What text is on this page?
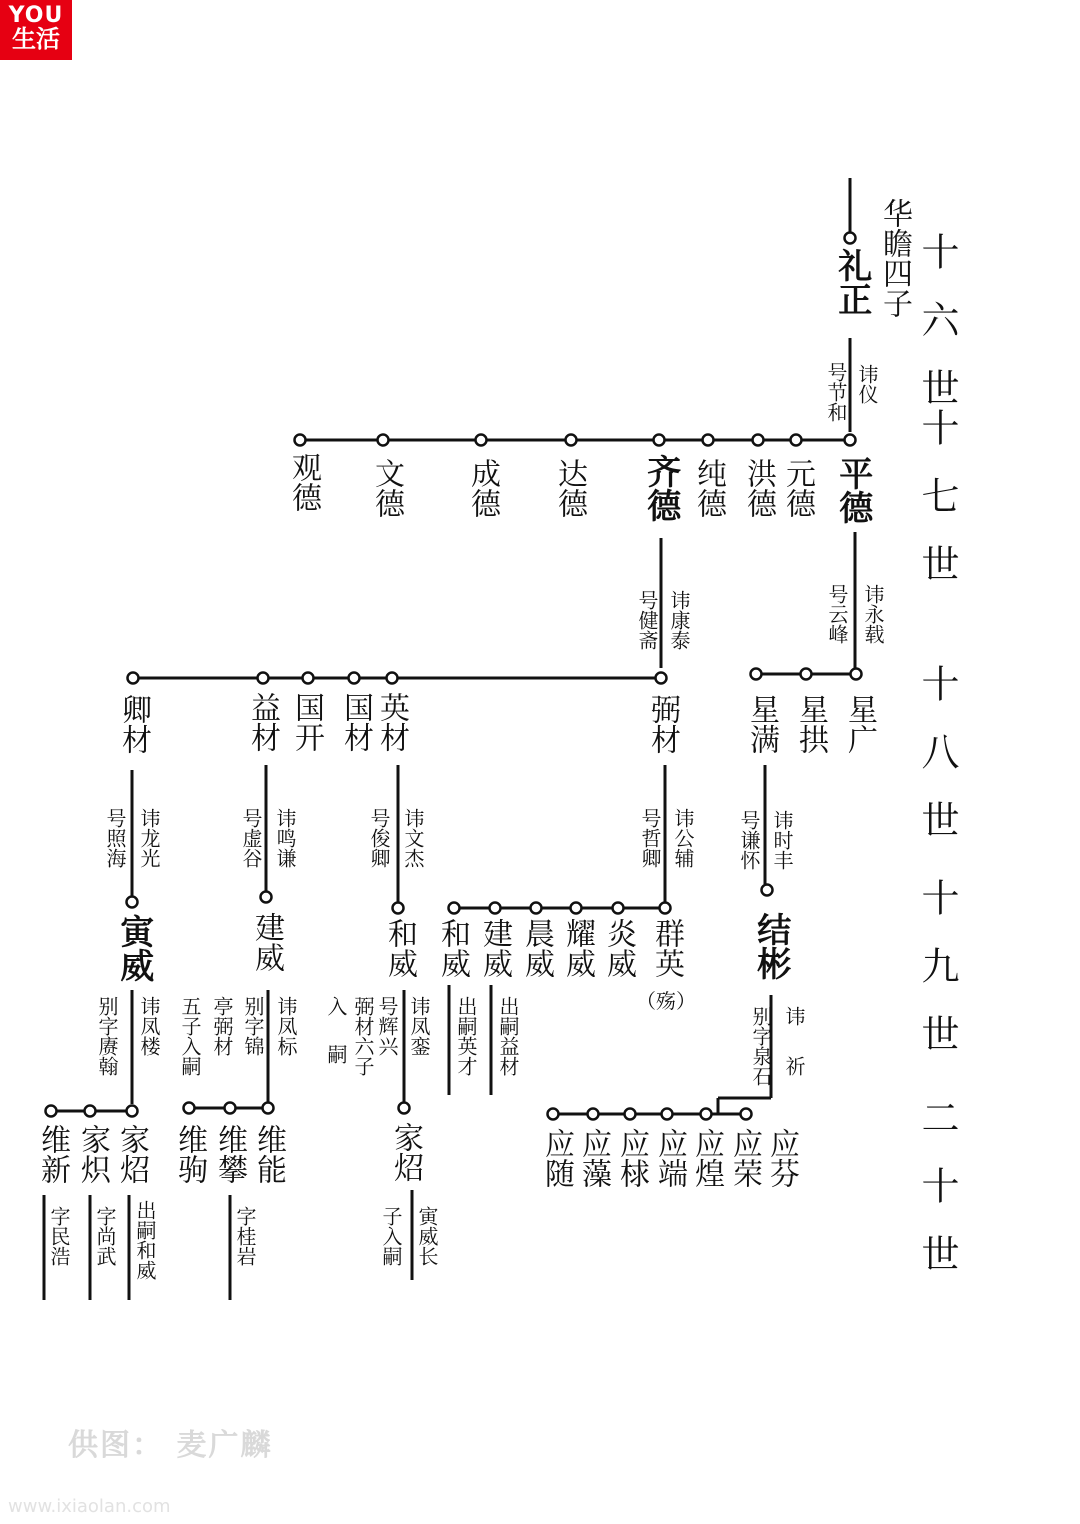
YOU
生活
十六世
十七世
十八世
十九世
二十世
华瞻四子
礼正
讳仪
号节和
平德
元德
洪德
纯德
齐德
达德
成德
文德
观德
讳永载
号云峰
讳康泰
号健斋
星广
星拱
星满
弼材
英材
国材
国开
益材
卿材
讳时丰
号谦怀
讳公辅
号哲卿
讳文杰
号俊卿
讳鸣谦
号虚谷
讳龙光
号照海
结彬
群英
（殇）
炎威
耀威
晨威
建威
和威
和威
建威
寅威
讳祈
别字泉石
出嗣益材
出嗣英才
讳凤銮
号辉兴
弼材六子
入嗣
讳凤标
别字锦
亭弼材
五子入嗣
讳凤楼
别字赓翰
应芬
应荣
应煌
应端
应梂
应藻
应随
家炤
寅威长
子入嗣
维能
维攀
维驹
字桂岩
家炤
家炽
维新
出嗣和威
字尚武
字民浩
供图： 麦广麟
www.ixiaolan.com
